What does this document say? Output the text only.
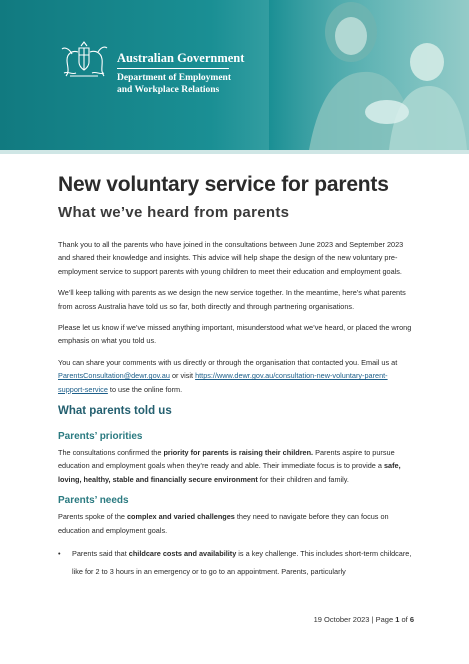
Australian Government
Department of Employment
and Workplace Relations
New voluntary service for parents
What we’ve heard from parents

Thank you to all the parents who have joined in the consultations between June 2023 and September 2023 and shared their knowledge and insights. This advice will help shape the design of the new voluntary pre-employment service to support parents with young children to meet their education and employment goals.

We’ll keep talking with parents as we design the new service together. In the meantime, here’s what parents from across Australia have told us so far, both directly and through partnering organisations.

Please let us know if we’ve missed anything important, misunderstood what we’ve heard, or placed the wrong emphasis on what you told us.

You can share your comments with us directly or through the organisation that contacted you. Email us at ParentsConsultation@dewr.gov.au or visit https://www.dewr.gov.au/consultation-new-voluntary-parent-support-service to use the online form.

What parents told us
Parents’ priorities

The consultations confirmed the priority for parents is raising their children. Parents aspire to pursue education and employment goals when they’re ready and able. Their immediate focus is to provide a safe, loving, healthy, stable and financially secure environment for their children and family.

Parents’ needs

Parents spoke of the complex and varied challenges they need to navigate before they can focus on education and employment goals.

• Parents said that childcare costs and availability is a key challenge. This includes short-term childcare, like for 2 to 3 hours in an emergency or to go to an appointment. Parents, particularly
19 October 2023 | Page 1 of 6
